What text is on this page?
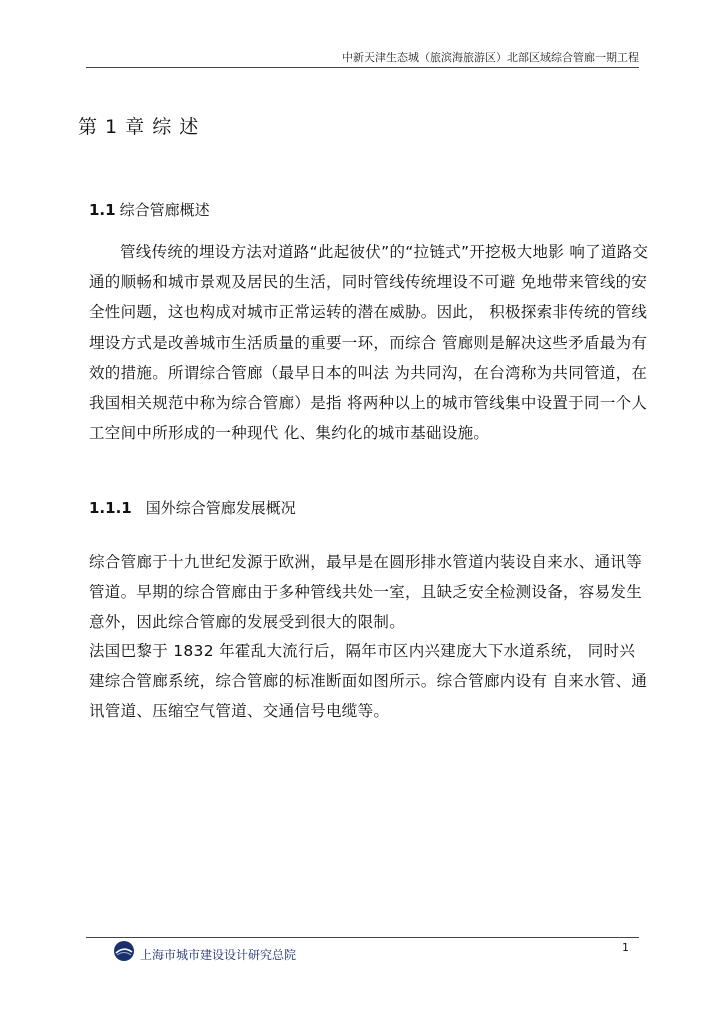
中新天津生态城（旅滨海旅游区）北部区域综合管廊一期工程
第 1 章 综 述
1.1 综合管廊概述

管线传统的埋设方法对道路“此起彼伏”的“拉链式”开挖极大地影 响了道路交通的顺畅和城市景观及居民的生活，同时管线传统埋设不可避 免地带来管线的安全性问题，这也构成对城市正常运转的潜在威胁。因此， 积极探索非传统的管线埋设方式是改善城市生活质量的重要一环，而综合 管廊则是解决这些矛盾最为有效的措施。所谓综合管廊（最早日本的叫法 为共同沟，在台湾称为共同管道，在我国相关规范中称为综合管廊）是指 将两种以上的城市管线集中设置于同一个人工空间中所形成的一种现代 化、集约化的城市基础设施。

1.1.1 国外综合管廊发展概况

综合管廊于十九世纪发源于欧洲，最早是在圆形排水管道内装设自来水、通讯等管道。早期的综合管廊由于多种管线共处一室，且缺乏安全检测设备，容易发生意外，因此综合管廊的发展受到很大的限制。

法国巴黎于 1832 年霍乱大流行后，隔年市区内兴建庞大下水道系统， 同时兴建综合管廊系统，综合管廊的标准断面如图所示。综合管廊内设有 自来水管、通讯管道、压缩空气管道、交通信号电缆等。

1
上海市城市建设设计研究总院
